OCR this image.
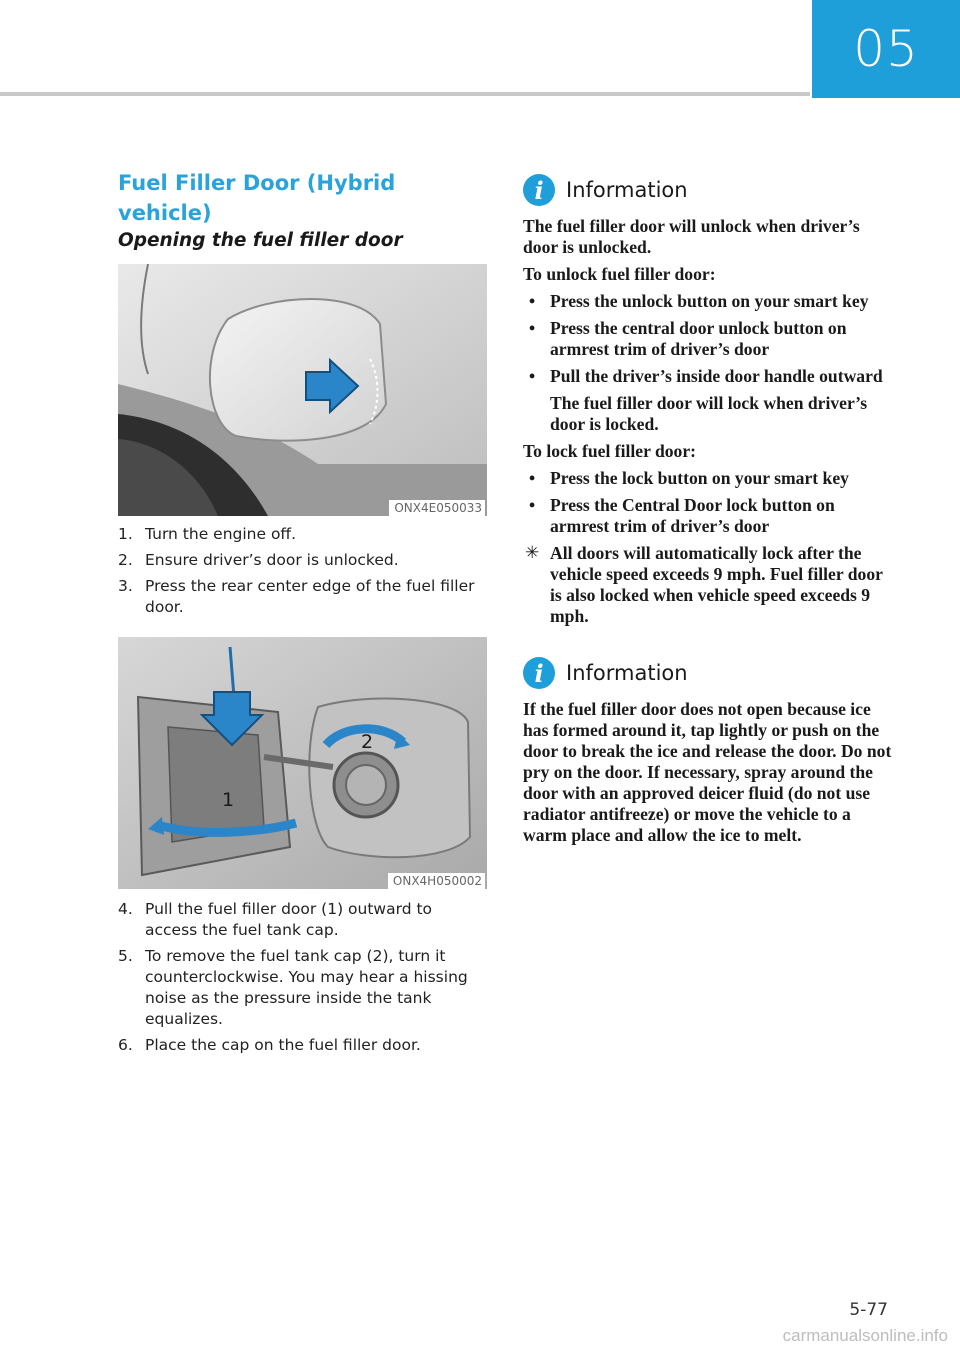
05
Fuel Filler Door (Hybrid vehicle)
Opening the fuel filler door
ONX4E050033
1. Turn the engine off.
2. Ensure driver’s door is unlocked.
3. Press the rear center edge of the fuel filler door.
1
2
ONX4H050002
4. Pull the fuel filler door (1) outward to access the fuel tank cap.
5. To remove the fuel tank cap (2), turn it counterclockwise. You may hear a hissing noise as the pressure inside the tank equalizes.
6. Place the cap on the fuel filler door.
i	Information

The fuel filler door will unlock when driver’s door is unlocked.

To unlock fuel filler door:

• Press the unlock button on your smart key

• Press the central door unlock button on armrest trim of driver’s door

• Pull the driver’s inside door handle outward

The fuel filler door will lock when driver’s door is locked.

To lock fuel filler door:

• Press the lock button on your smart key

• Press the Central Door lock button on armrest trim of driver’s door

✳ All doors will automatically lock after the vehicle speed exceeds 9 mph. Fuel filler door is also locked when vehicle speed exceeds 9 mph.

i	Information

If the fuel filler door does not open because ice has formed around it, tap lightly or push on the door to break the ice and release the door. Do not pry on the door. If necessary, spray around the door with an approved deicer fluid (do not use radiator antifreeze) or move the vehicle to a warm place and allow the ice to melt.

5-77
carmanualsonline.info
